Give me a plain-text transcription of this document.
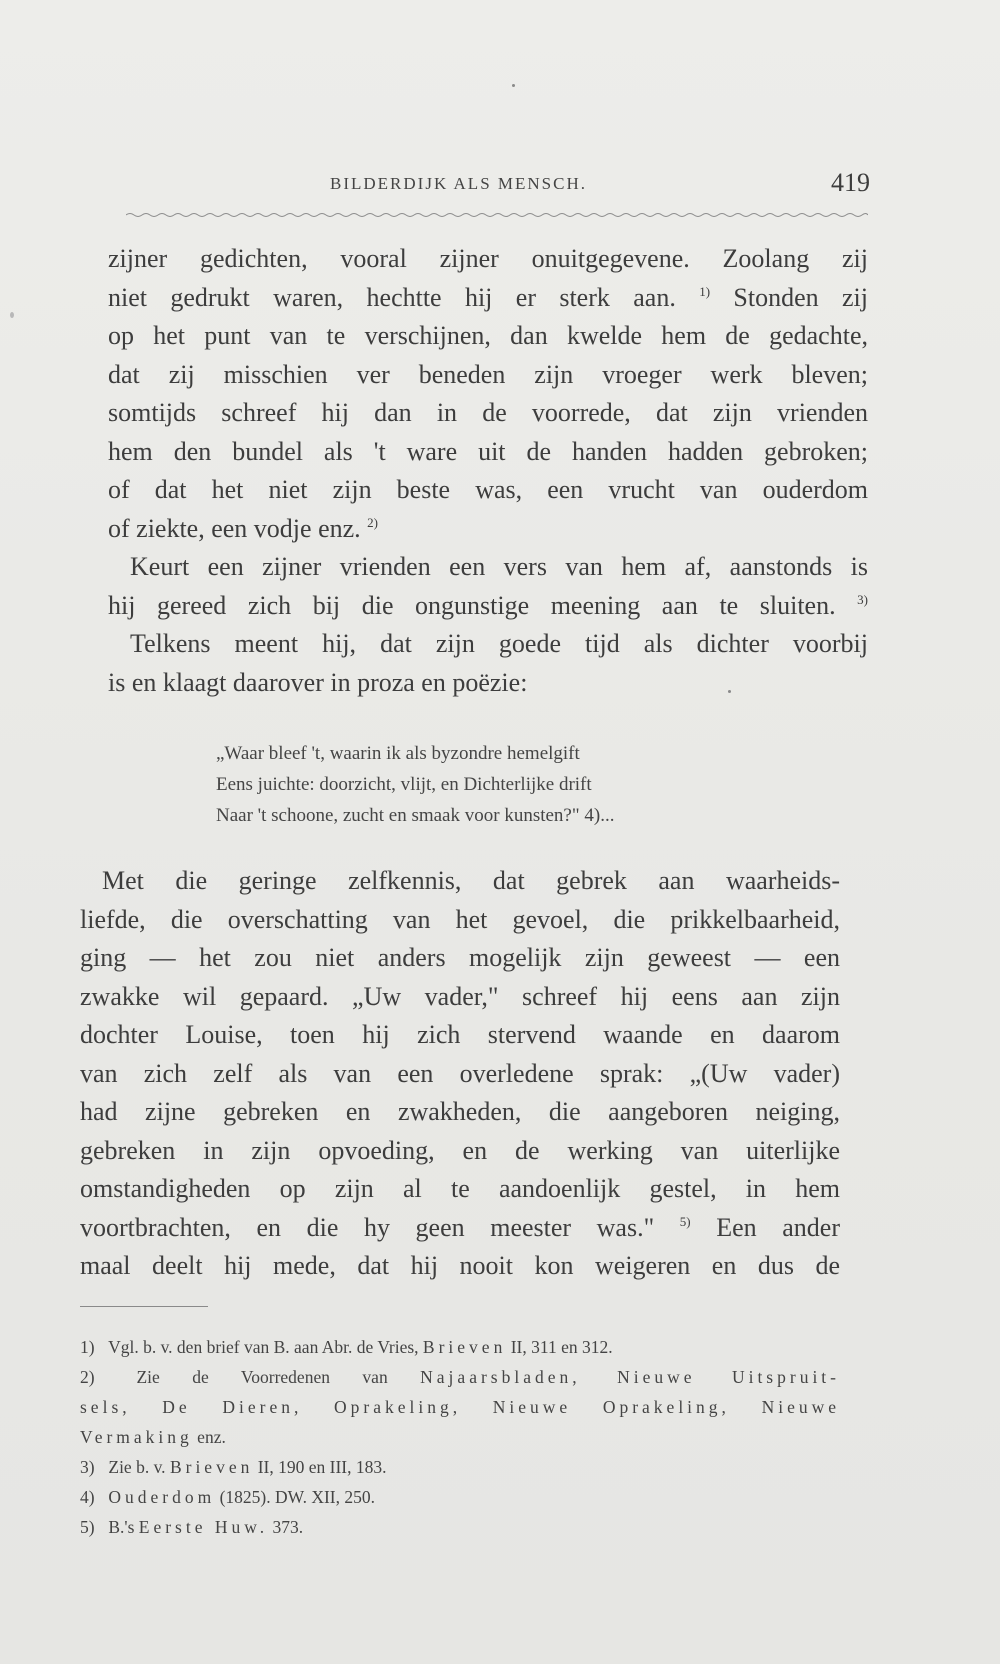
BILDERDIJK ALS MENSCH.	419
zijner gedichten, vooral zijner onuitgegevene. Zoolang zij
niet gedrukt waren, hechtte hij er sterk aan. $^{1)}$ Stonden zij
op het punt van te verschijnen, dan kwelde hem de gedachte,
dat zij misschien ver beneden zijn vroeger werk bleven;
somtijds schreef hij dan in de voorrede, dat zijn vrienden
hem den bundel als 't ware uit de handen hadden gebroken;
of dat het niet zijn beste was, een vrucht van ouderdom
of ziekte, een vodje enz. $^{2)}$
Keurt een zijner vrienden een vers van hem af, aanstonds is
hij gereed zich bij die ongunstige meening aan te sluiten. $^{3)}$
Telkens meent hij, dat zijn goede tijd als dichter voorbij
is en klaagt daarover in proza en poëzie:
„Waar bleef 't, waarin ik als byzondre hemelgift
Eens juichte: doorzicht, vlijt, en Dichterlijke drift
Naar 't schoone, zucht en smaak voor kunsten?" 4)...
Met die geringe zelfkennis, dat gebrek aan waarheids-
liefde, die overschatting van het gevoel, die prikkelbaarheid,
ging — het zou niet anders mogelijk zijn geweest — een
zwakke wil gepaard. „Uw vader," schreef hij eens aan zijn
dochter Louise, toen hij zich stervend waande en daarom
van zich zelf als van een overledene sprak: „(Uw vader)
had zijne gebreken en zwakheden, die aangeboren neiging,
gebreken in zijn opvoeding, en de werking van uiterlijke
omstandigheden op zijn al te aandoenlijk gestel, in hem
voortbrachten, en die hy geen meester was." $^{5)}$ Een ander
maal deelt hij mede, dat hij nooit kon weigeren en dus de
1) Vgl. b. v. den brief van B. aan Abr. de Vries, Brieven II, 311 en 312.
2) Zie de Voorredenen van Najaarsbladen, Nieuwe Uitspruit-
sels, De Dieren, Oprakeling, Nieuwe Oprakeling, Nieuwe
Vermaking enz.
3) Zie b. v. Brieven II, 190 en III, 183.
4) Ouderdom (1825). DW. XII, 250.
5) B.'s Eerste Huw. 373.
